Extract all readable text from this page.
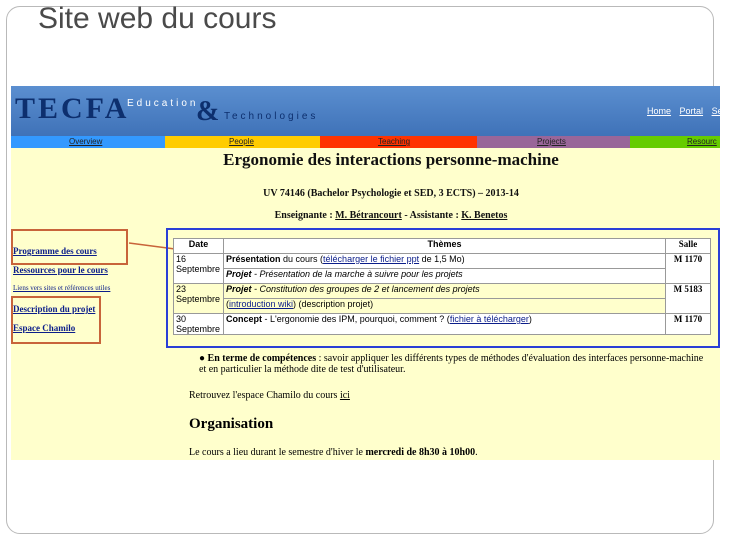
Site web du cours
TECFA
Education
& Technologies	Home Portal Se
Overview	People	Teaching	Projects	Resourc
Ergonomie des interactions personne-machine
UV 74146 (Bachelor Psychologie et SED, 3 ECTS) – 2013-14
Enseignante : M. Bétrancourt - Assistante : K. Benetos
Programme des cours
Ressources pour le cours
Liens vers sites et références utiles
Description du projet
Espace Chamilo
Date	Thèmes	Salle
16 Septembre	Présentation du cours (télécharger le fichier ppt de 1,5 Mo)	M 1170
	Projet - Présentation de la marche à suivre pour les projets	
23 Septembre	Projet - Constitution des groupes de 2 et lancement des projets	M 5183
	(introduction wiki) (description projet)	
30 Septembre	Concept - L'ergonomie des IPM, pourquoi, comment ? (fichier à télécharger)	M 1170
● En terme de compétences : savoir appliquer les différents types de méthodes d'évaluation des interfaces personne-machine et en particulier la méthode dite de test d'utilisateur.
Retrouvez l'espace Chamilo du cours ici
Organisation
Le cours a lieu durant le semestre d'hiver le mercredi de 8h30 à 10h00.
